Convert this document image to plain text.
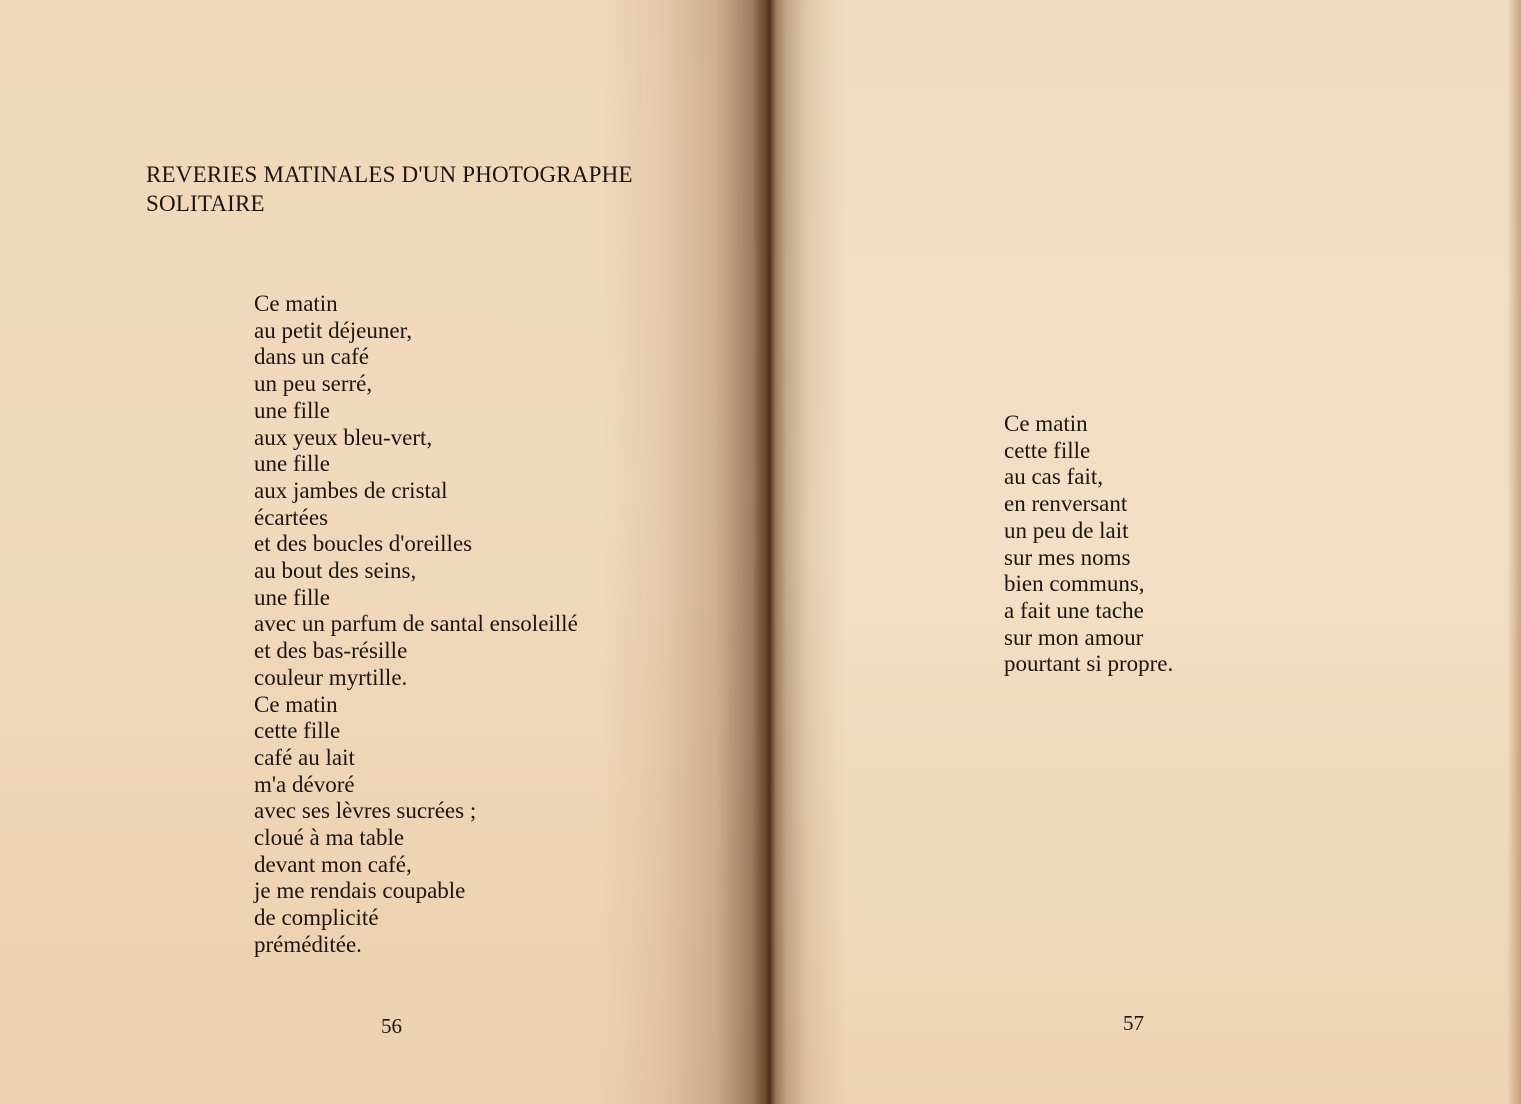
REVERIES MATINALES D'UN PHOTOGRAPHE
SOLITAIRE
Ce matin
au petit déjeuner,
dans un café
un peu serré,
une fille
aux yeux bleu-vert,
une fille
aux jambes de cristal
écartées
et des boucles d'oreilles
au bout des seins,
une fille
avec un parfum de santal ensoleillé
et des bas-résille
couleur myrtille.
Ce matin
cette fille
café au lait
m'a dévoré
avec ses lèvres sucrées ;
cloué à ma table
devant mon café,
je me rendais coupable
de complicité
préméditée.
56
Ce matin
cette fille
au cas fait,
en renversant
un peu de lait
sur mes noms
bien communs,
a fait une tache
sur mon amour
pourtant si propre.
57
